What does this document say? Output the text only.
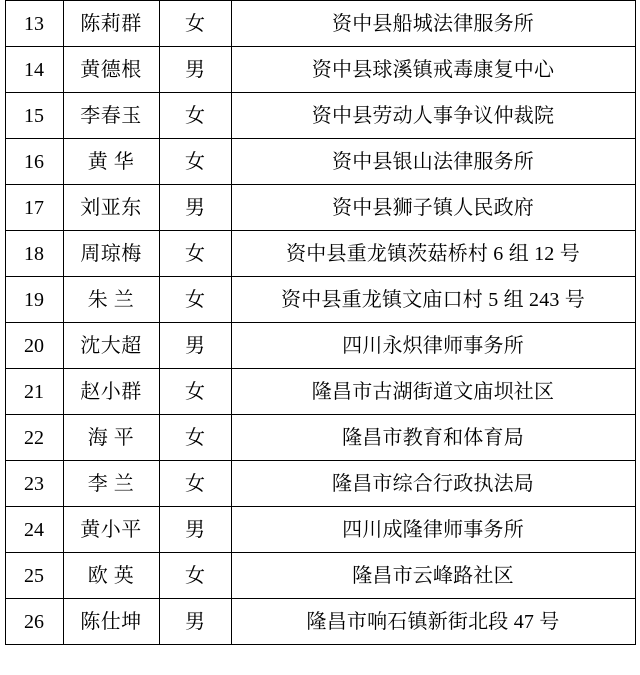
13	陈莉群	女	资中县船城法律服务所
14	黄德根	男	资中县球溪镇戒毒康复中心
15	李春玉	女	资中县劳动人事争议仲裁院
16	黄 华	女	资中县银山法律服务所
17	刘亚东	男	资中县狮子镇人民政府
18	周琼梅	女	资中县重龙镇茨菇桥村 6 组 12 号
19	朱 兰	女	资中县重龙镇文庙口村 5 组 243 号
20	沈大超	男	四川永炽律师事务所
21	赵小群	女	隆昌市古湖街道文庙坝社区
22	海 平	女	隆昌市教育和体育局
23	李 兰	女	隆昌市综合行政执法局
24	黄小平	男	四川成隆律师事务所
25	欧 英	女	隆昌市云峰路社区
26	陈仕坤	男	隆昌市响石镇新街北段 47 号
